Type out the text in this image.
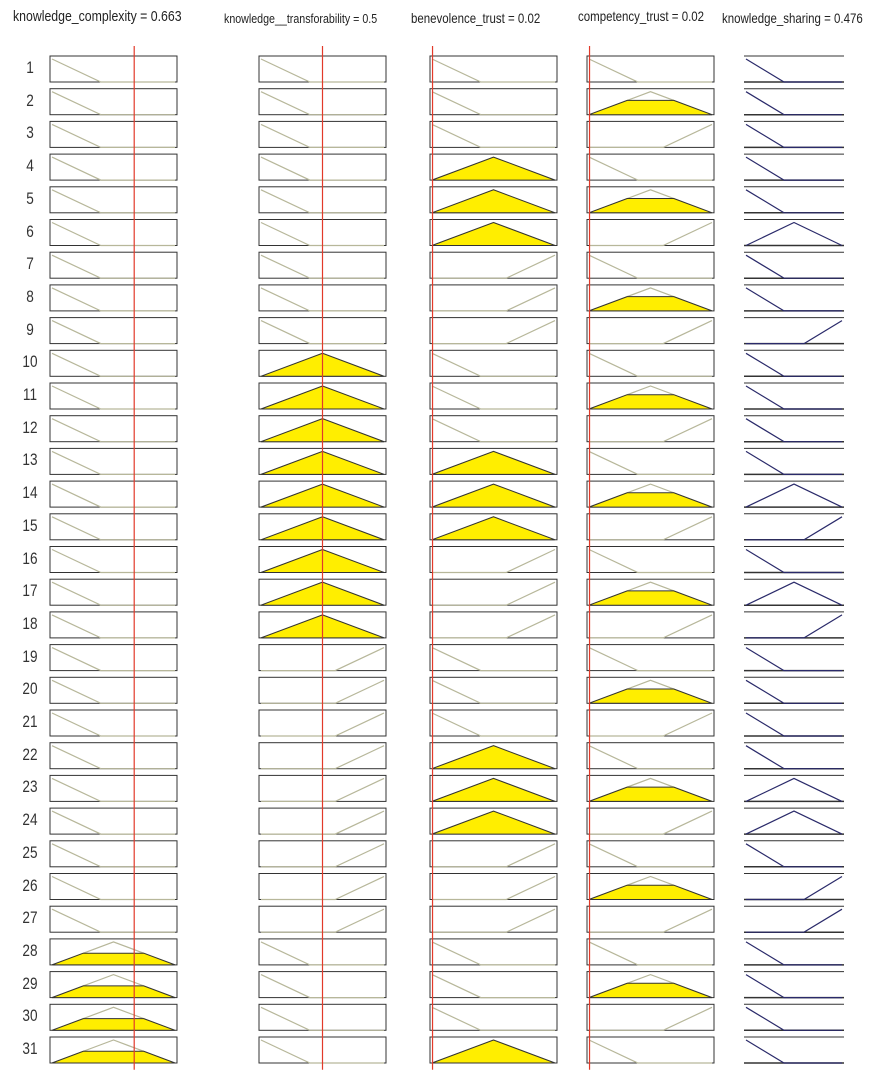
knowledge_complexity = 0.663	knowledge__transforability = 0.5 benevolence_trust = 0.02	competency_trust = 0.02 knowledge_sharing = 0.476
1
2
3
4
5
6
7
8
9
10
11
12
13
14
15
16
17
18
19
20
21
22
23
24
25
26
27
28
29
30
31
